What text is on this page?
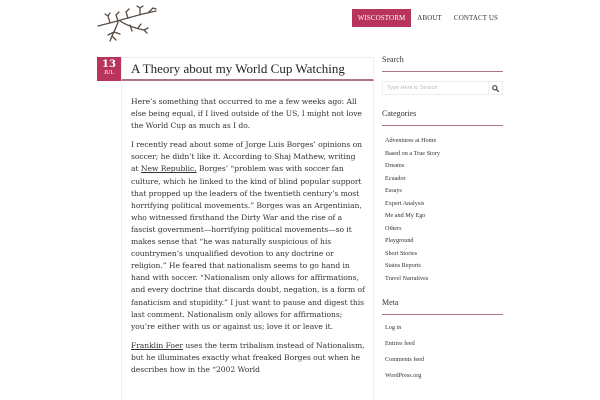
WISCOSTORM	ABOUT	CONTACT US
13
JUL	A Theory about my World Cup Watching

Here’s something that occurred to me a few weeks ago: All else being equal, if I lived outside of the US, I might not love the World Cup as much as I do.

I recently read about some of Jorge Luis Borges’ opinions on soccer; he didn’t like it. According to Shaj Mathew, writing at New Republic, Borges’ “problem was with soccer fan culture, which he linked to the kind of blind popular support that propped up the leaders of the twentieth century’s most horrifying political movements.” Borges was an Argentinian, who witnessed firsthand the Dirty War and the rise of a fascist government—horrifying political movements—so it makes sense that “he was naturally suspicious of his countrymen’s unqualified devotion to any doctrine or religion.” He feared that nationalism seems to go hand in hand with soccer. “Nationalism only allows for affirmations, and every doctrine that discards doubt, negation, is a form of fanaticism and stupidity.” I just want to pause and digest this last comment. Nationalism only allows for affirmations; you’re either with us or against us; love it or leave it.

Franklin Foer uses the term tribalism instead of Nationalism, but he illuminates exactly what freaked Borges out when he describes how in the “2002 World

Search
Type Here to Search
Categories
Adventures at Home
Based on a True Story
Dreams
Ecuador
Essays
Expert Analysis
Me and My Ego
Others
Playground
Short Stories
Status Reports
Travel Narratives
Meta
Log in
Entries feed
Comments feed
WordPress.org
